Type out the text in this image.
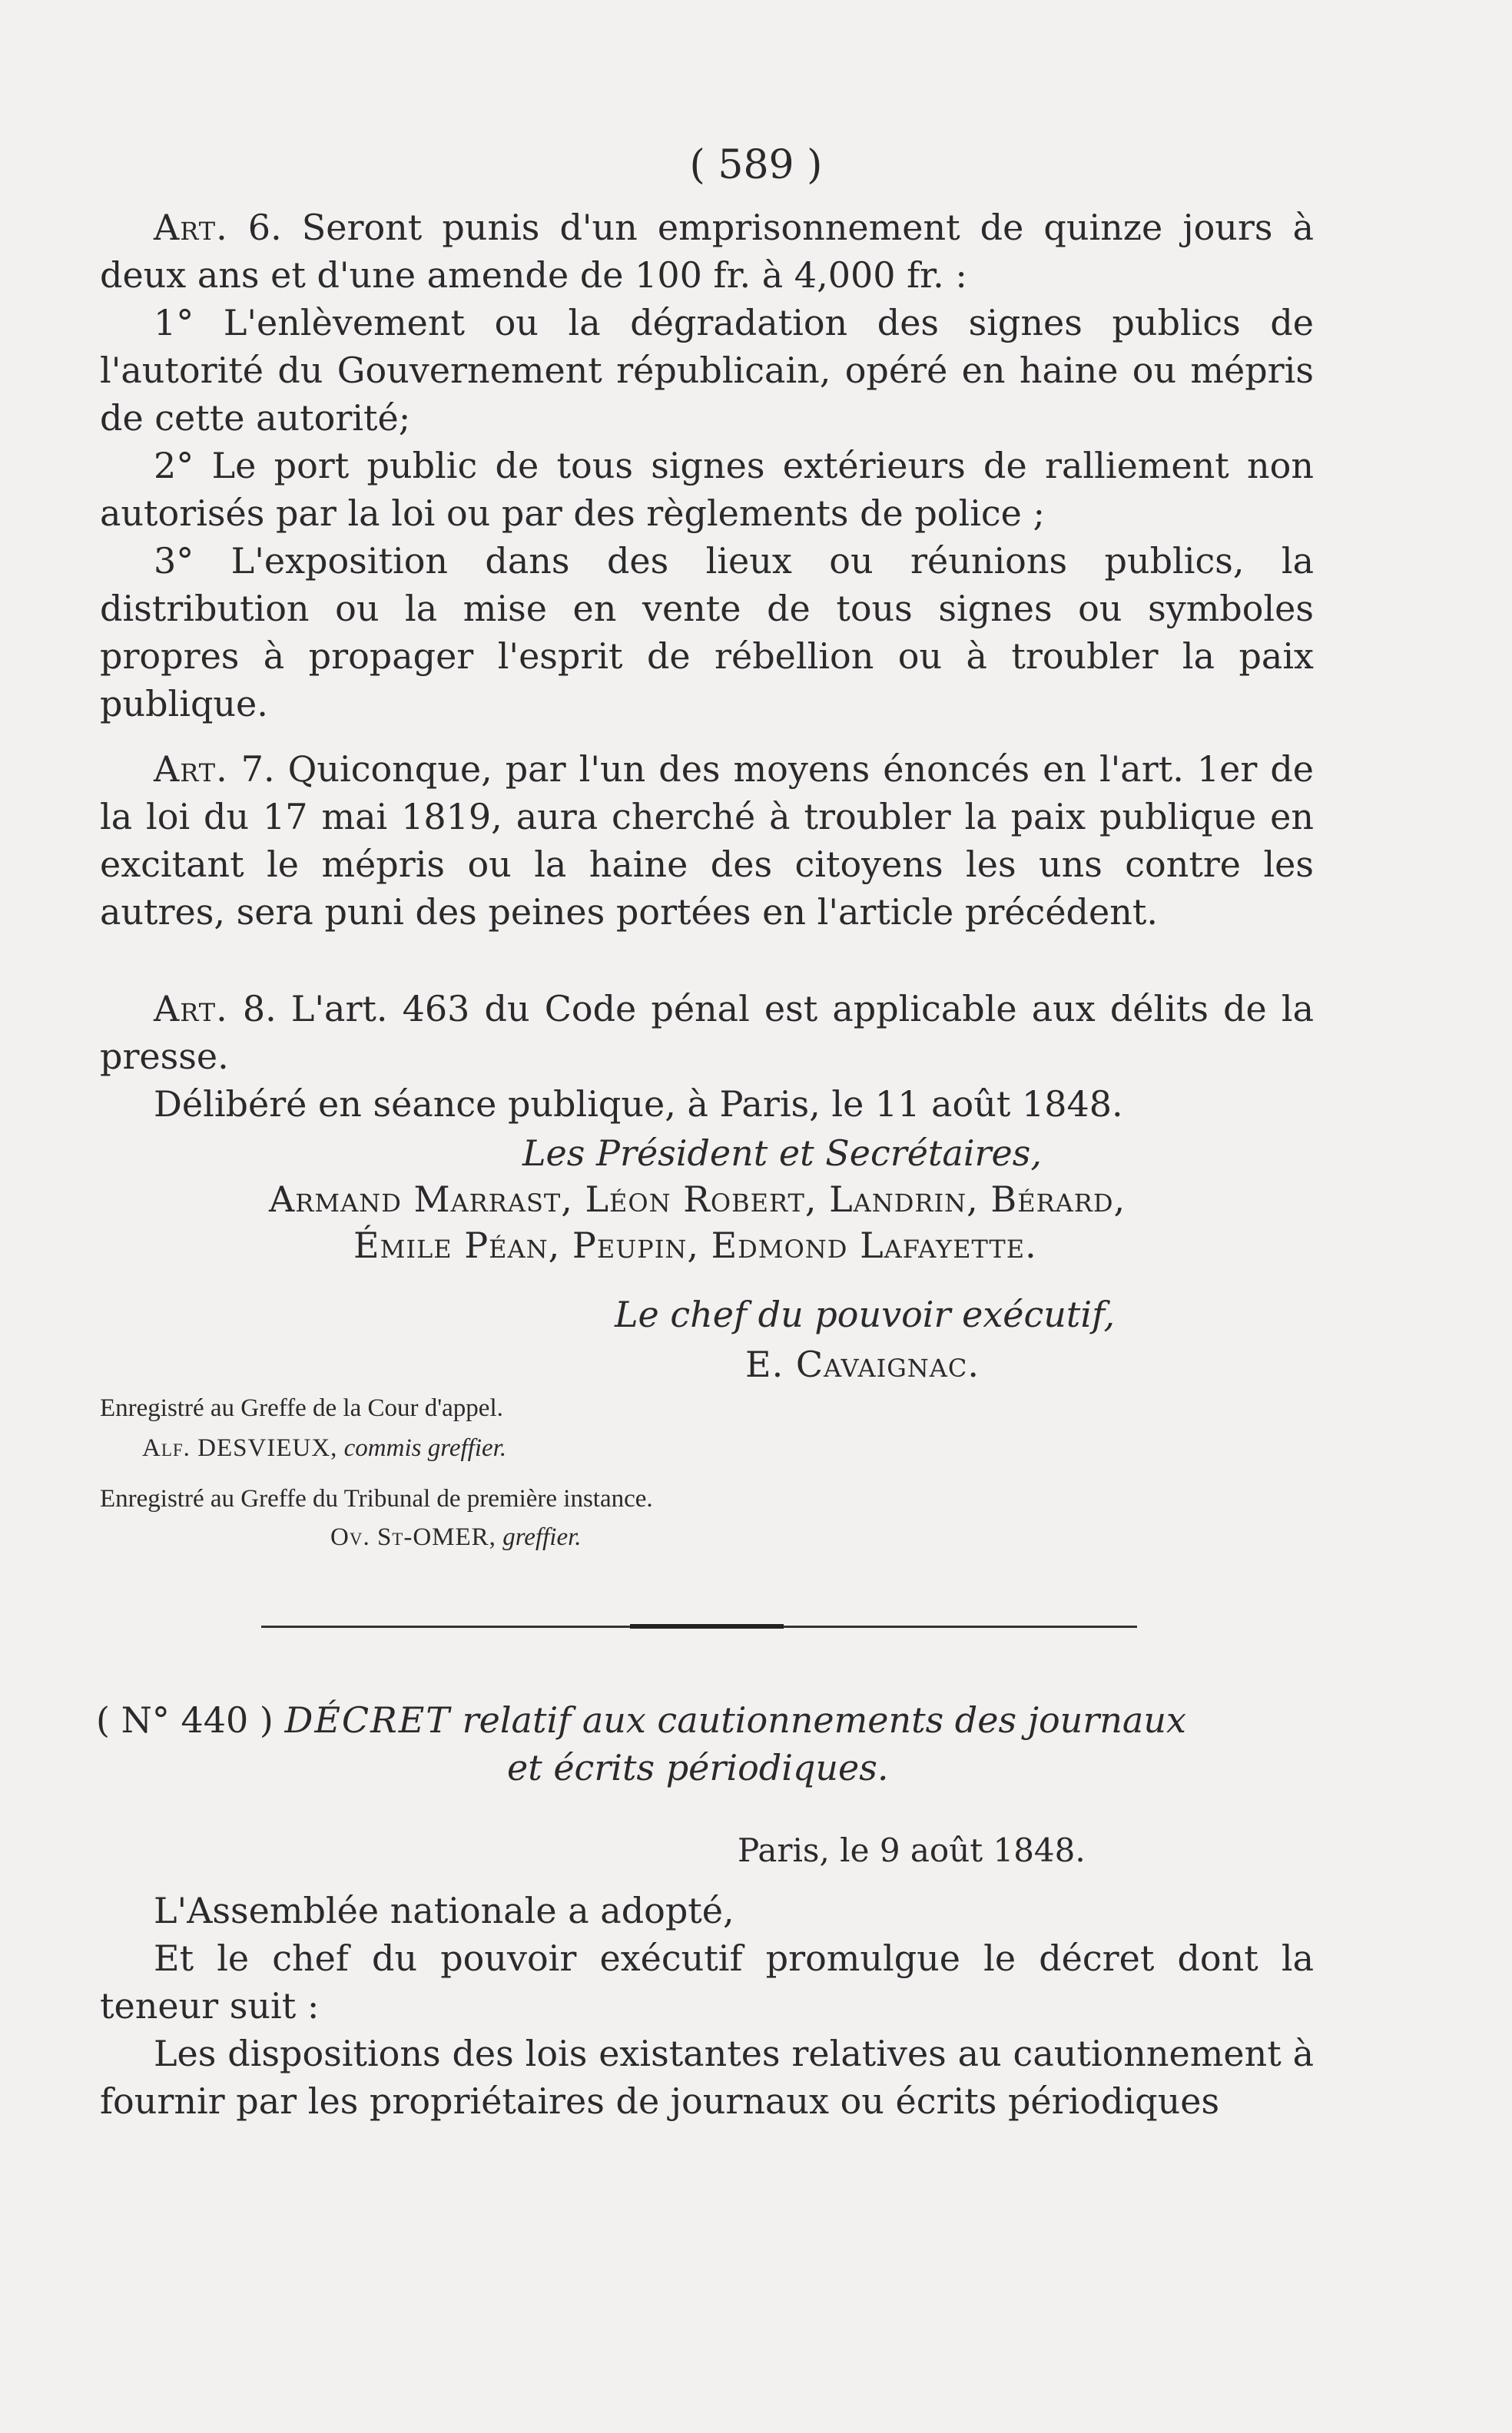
( 589 )

Art. 6. Seront punis d'un emprisonnement de quinze jours à deux ans et d'une amende de 100 fr. à 4,000 fr. :

1° L'enlèvement ou la dégradation des signes publics de l'autorité du Gouvernement républicain, opéré en haine ou mépris de cette autorité;

2° Le port public de tous signes extérieurs de ralliement non autorisés par la loi ou par des règlements de police ;

3° L'exposition dans des lieux ou réunions publics, la distribution ou la mise en vente de tous signes ou symboles propres à propager l'esprit de rébellion ou à troubler la paix publique.

Art. 7. Quiconque, par l'un des moyens énoncés en l'art. 1er de la loi du 17 mai 1819, aura cherché à troubler la paix publique en excitant le mépris ou la haine des citoyens les uns contre les autres, sera puni des peines portées en l'article précédent.

Art. 8. L'art. 463 du Code pénal est applicable aux délits de la presse.

Délibéré en séance publique, à Paris, le 11 août 1848.

Les Président et Secrétaires,

Armand Marrast, Léon Robert, Landrin, Bérard,

Émile Péan, Peupin, Edmond Lafayette.

Le chef du pouvoir exécutif,

E. Cavaignac.

Enregistré au Greffe de la Cour d'appel.

Alf. DESVIEUX, commis greffier.

Enregistré au Greffe du Tribunal de première instance.

Ov. St-OMER, greffier.

( N° 440 ) DÉCRET relatif aux cautionnements des journaux

et écrits périodiques.

Paris, le 9 août 1848.

L'Assemblée nationale a adopté,

Et le chef du pouvoir exécutif promulgue le décret dont la teneur suit :

Les dispositions des lois existantes relatives au cautionnement à fournir par les propriétaires de journaux ou écrits périodiques
